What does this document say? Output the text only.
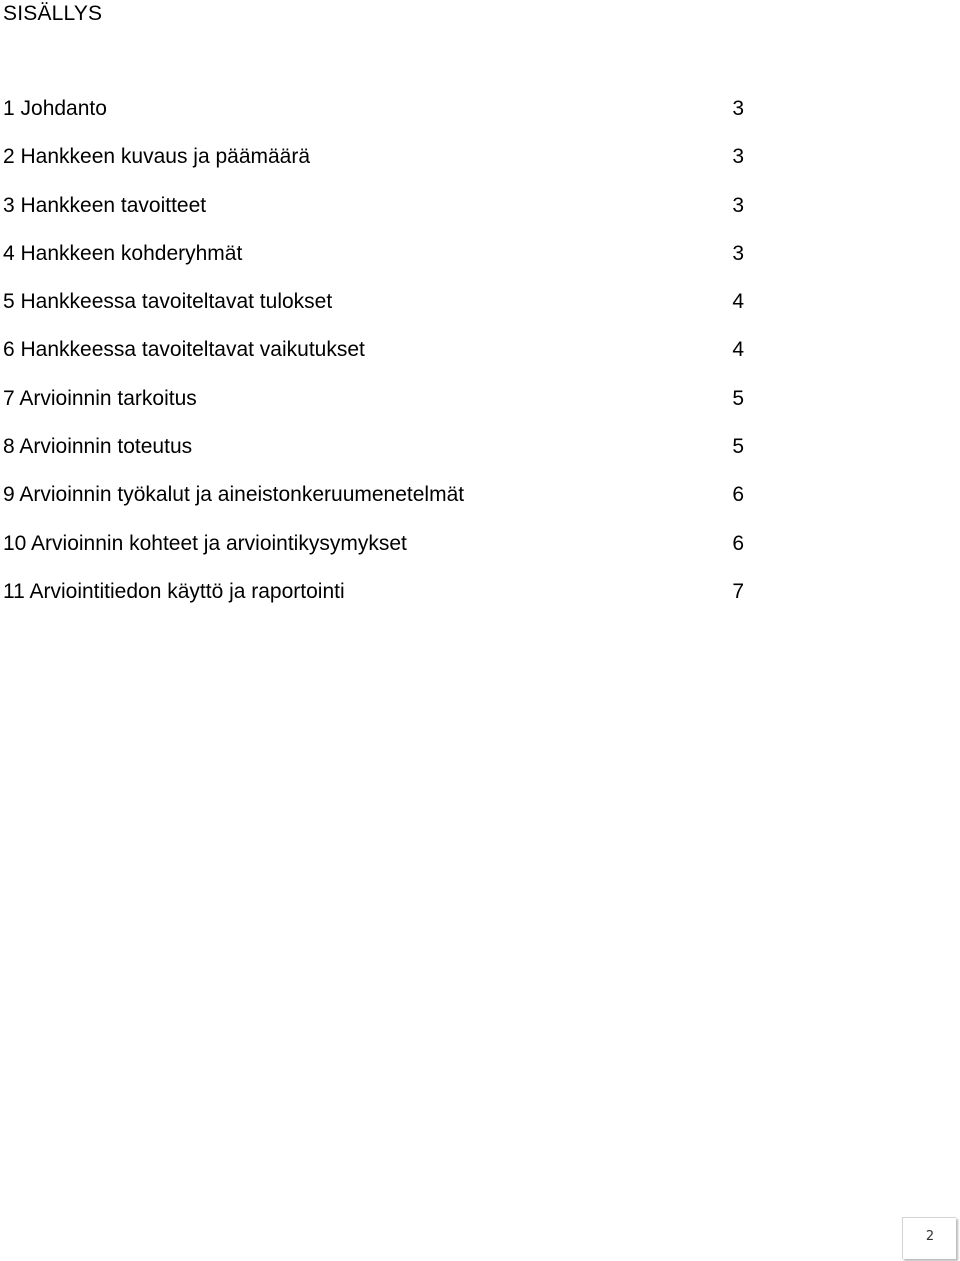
SISÄLLYS
1 Johdanto	3
2 Hankkeen kuvaus ja päämäärä	3
3 Hankkeen tavoitteet	3
4 Hankkeen kohderyhmät	3
5 Hankkeessa tavoiteltavat tulokset	4
6 Hankkeessa tavoiteltavat vaikutukset	4
7 Arvioinnin tarkoitus	5
8 Arvioinnin toteutus	5
9 Arvioinnin työkalut ja aineistonkeruumenetelmät	6
10 Arvioinnin kohteet ja arviointikysymykset	6
11 Arviointitiedon käyttö ja raportointi	7
2
